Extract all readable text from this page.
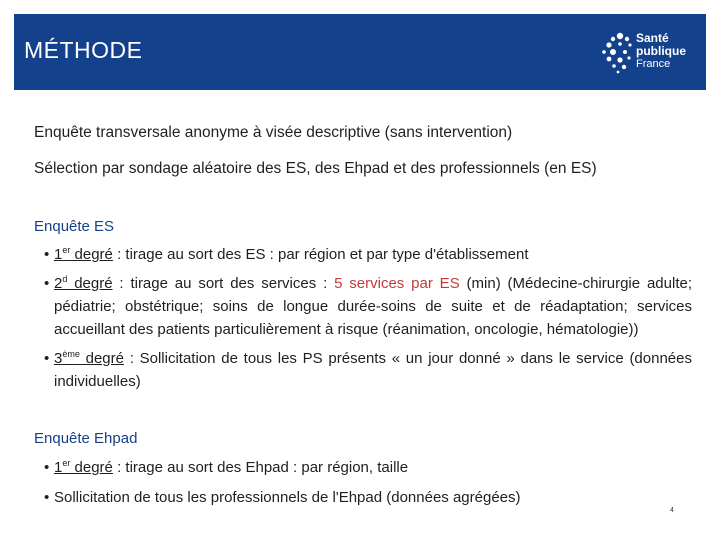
MÉTHODE	Santé
publique
France
Enquête transversale anonyme à visée descriptive (sans intervention)
Sélection par sondage aléatoire des ES, des Ehpad et des professionnels (en ES)
Enquête ES
• 1er degré : tirage au sort des ES : par région et par type d'établissement
• 2$^d$ degré : tirage au sort des services : 5 services par ES (min) (Médecine-chirurgie adulte; pédiatrie; obstétrique; soins de longue durée-soins de suite et de réadaptation; services accueillant des patients particulièrement à risque (réanimation, oncologie, hématologie))
• 3ème degré : Sollicitation de tous les PS présents « un jour donné » dans le service (données individuelles)
Enquête Ehpad
• 1er degré : tirage au sort des Ehpad : par région, taille
• Sollicitation de tous les professionnels de l'Ehpad (données agrégées)
4
